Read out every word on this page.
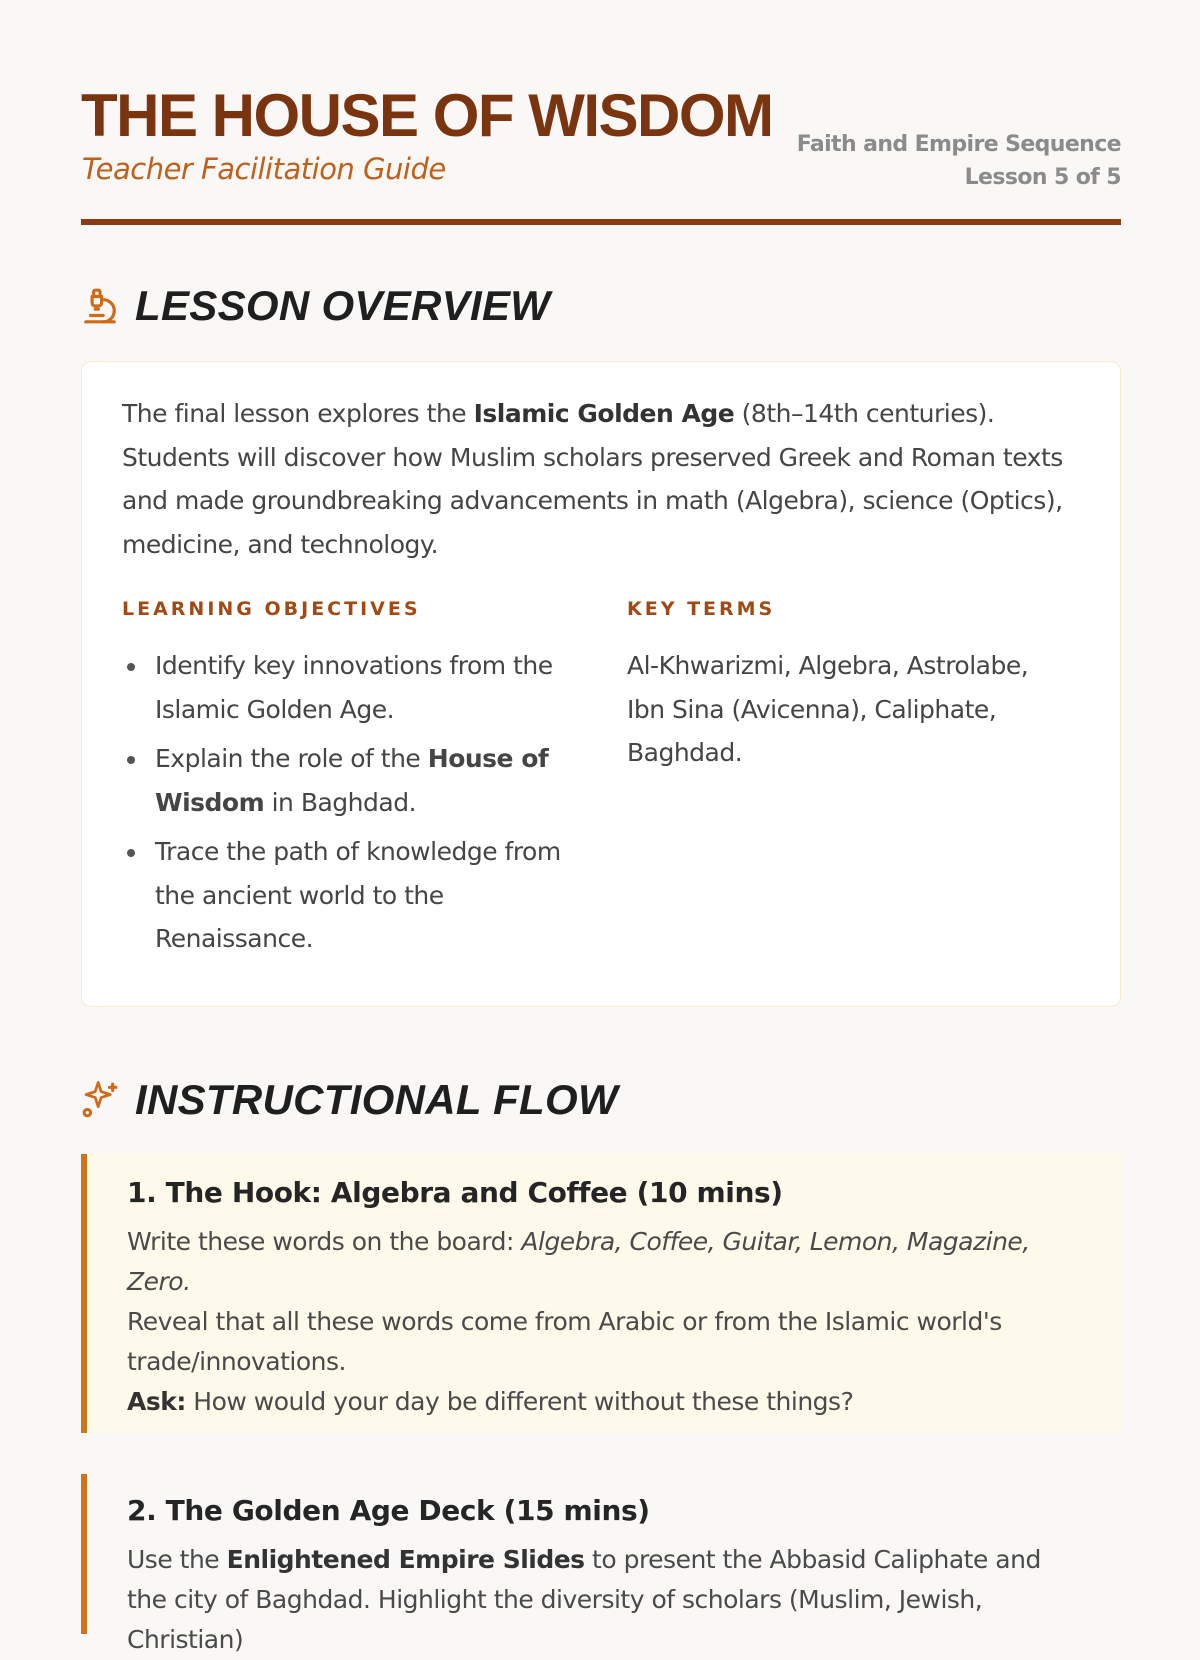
THE HOUSE OF WISDOM
Teacher Facilitation Guide
Faith and Empire Sequence
Lesson 5 of 5
LESSON OVERVIEW
The final lesson explores the Islamic Golden Age (8th–14th centuries). Students will discover how Muslim scholars preserved Greek and Roman texts and made groundbreaking advancements in math (Algebra), science (Optics), medicine, and technology.
LEARNING OBJECTIVES
Identify key innovations from the Islamic Golden Age.
Explain the role of the House of Wisdom in Baghdad.
Trace the path of knowledge from the ancient world to the Renaissance.
KEY TERMS
Al-Khwarizmi, Algebra, Astrolabe, Ibn Sina (Avicenna), Caliphate, Baghdad.
INSTRUCTIONAL FLOW
1. The Hook: Algebra and Coffee (10 mins)
Write these words on the board: Algebra, Coffee, Guitar, Lemon, Magazine, Zero.
Reveal that all these words come from Arabic or from the Islamic world's trade/innovations.
Ask: How would your day be different without these things?
2. The Golden Age Deck (15 mins)
Use the Enlightened Empire Slides to present the Abbasid Caliphate and the city of Baghdad. Highlight the diversity of scholars (Muslim, Jewish, Christian)
